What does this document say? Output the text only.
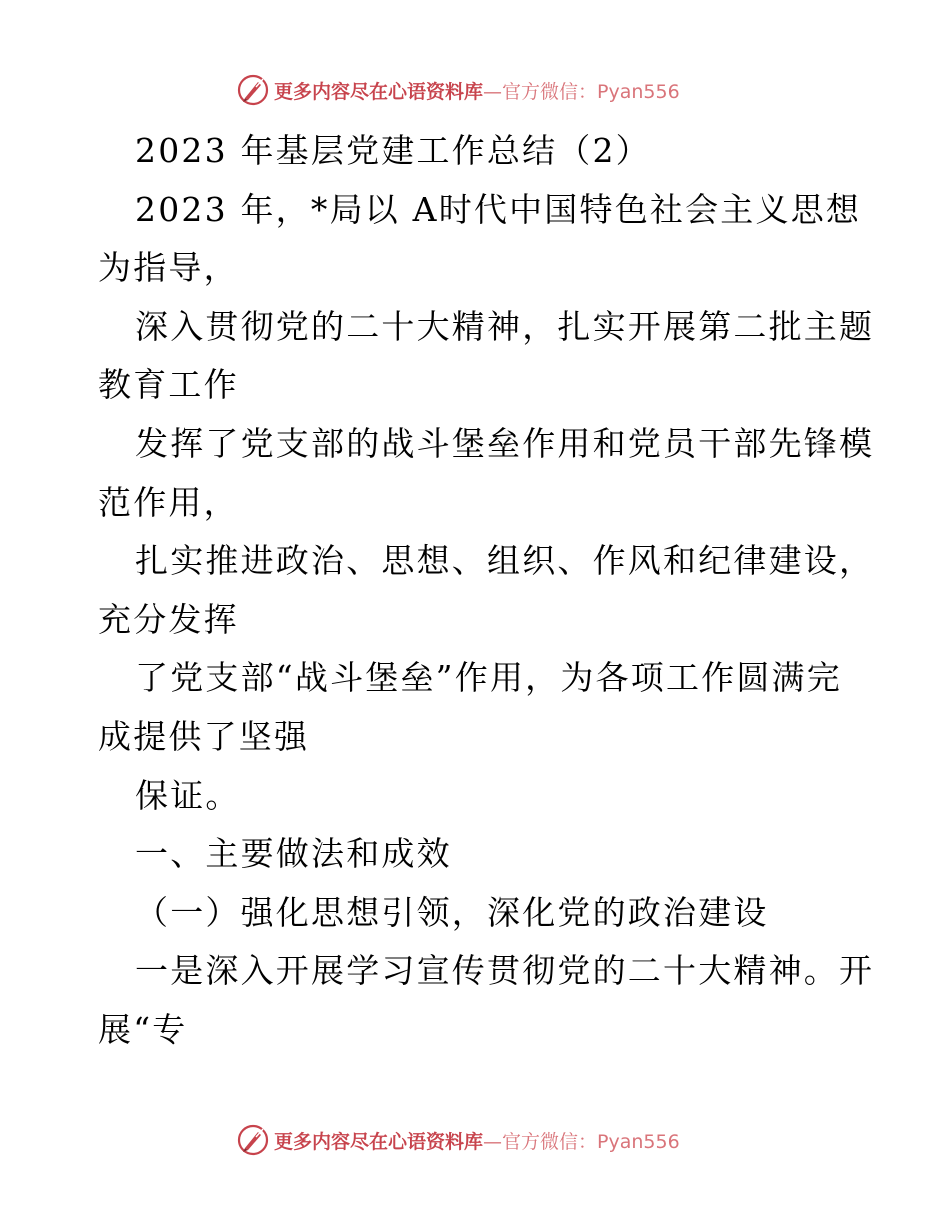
更多内容尽在心语资料库—官方微信：Pyan556
2023 年基层党建工作总结（2）
2023 年，*局以 A时代中国特色社会主义思想
为指导，
深入贯彻党的二十大精神，扎实开展第二批主题
教育工作
发挥了党支部的战斗堡垒作用和党员干部先锋模
范作用，
扎实推进政治、思想、组织、作风和纪律建设，
充分发挥
了党支部“战斗堡垒”作用，为各项工作圆满完
成提供了坚强
保证。
一、主要做法和成效
（一）强化思想引领，深化党的政治建设
一是深入开展学习宣传贯彻党的二十大精神。开
展“专
更多内容尽在心语资料库—官方微信：Pyan556
